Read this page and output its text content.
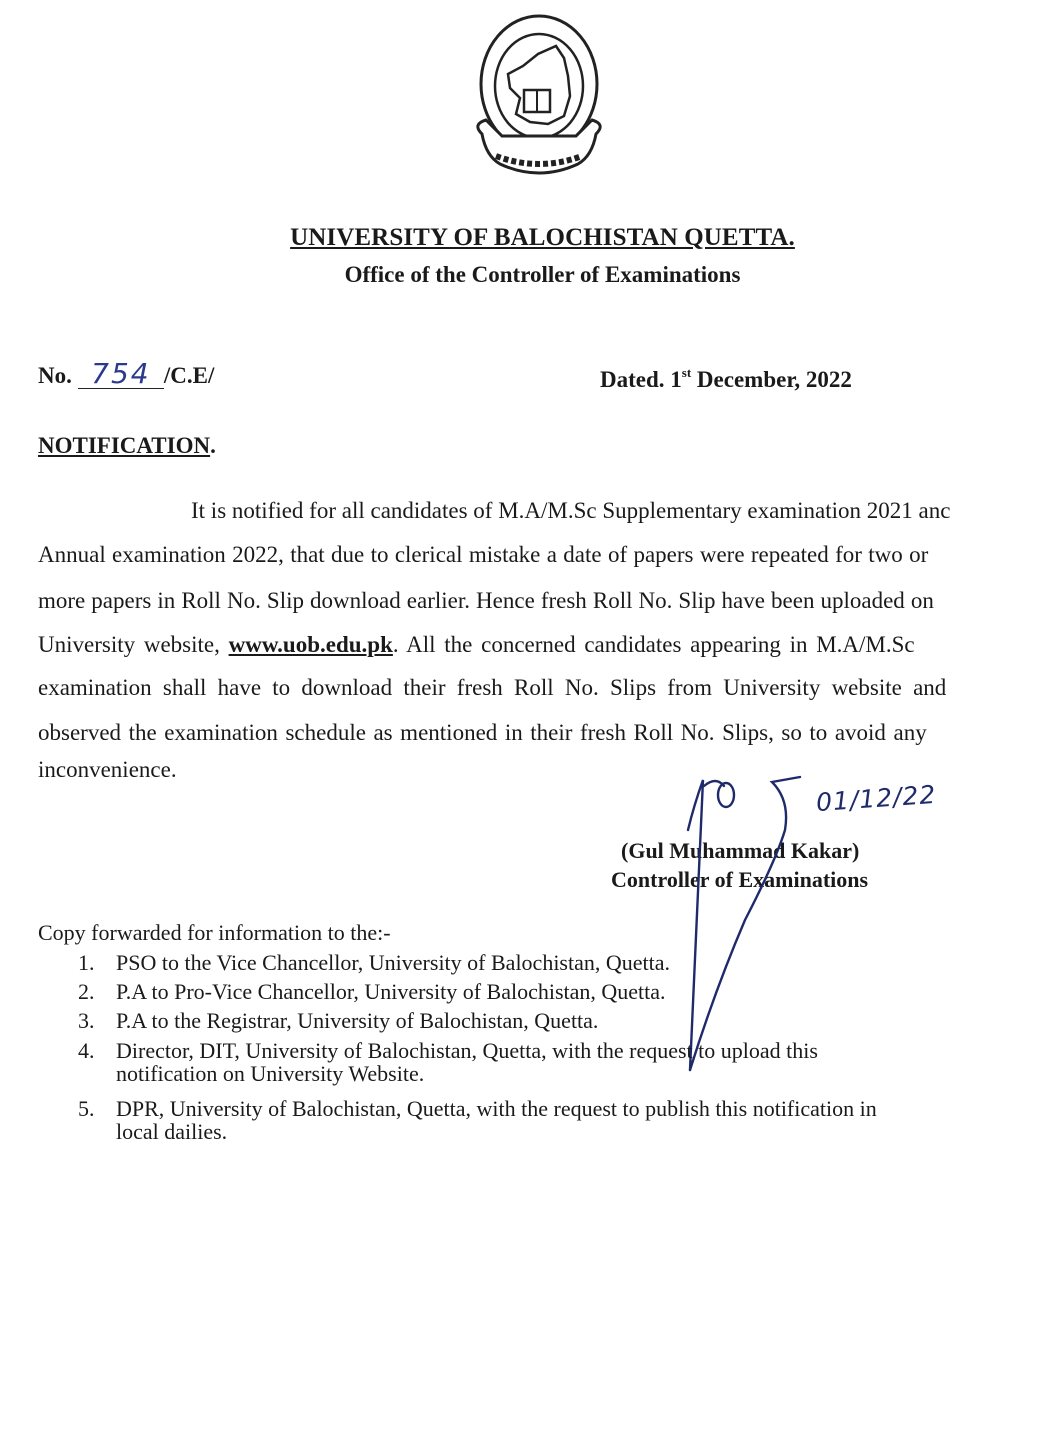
UNIVERSITY OF BALOCHISTAN QUETTA.
Office of the Controller of Examinations
No. 754 /C.E/	Dated. 1st December, 2022
NOTIFICATION.
It is notified for all candidates of M.A/M.Sc Supplementary examination 2021 anc
Annual examination 2022, that due to clerical mistake a date of papers were repeated for two or
more papers in Roll No. Slip download earlier. Hence fresh Roll No. Slip have been uploaded on
University website, www.uob.edu.pk. All the concerned candidates appearing in M.A/M.Sc
examination shall have to download their fresh Roll No. Slips from University website and
observed the examination schedule as mentioned in their fresh Roll No. Slips, so to avoid any
inconvenience.
01/12/22
(Gul Muhammad Kakar)
Controller of Examinations
Copy forwarded for information to the:-
1. PSO to the Vice Chancellor, University of Balochistan, Quetta.
2. P.A to Pro-Vice Chancellor, University of Balochistan, Quetta.
3. P.A to the Registrar, University of Balochistan, Quetta.
4. Director, DIT, University of Balochistan, Quetta, with the request to upload this
notification on University Website.
5. DPR, University of Balochistan, Quetta, with the request to publish this notification in
local dailies.
